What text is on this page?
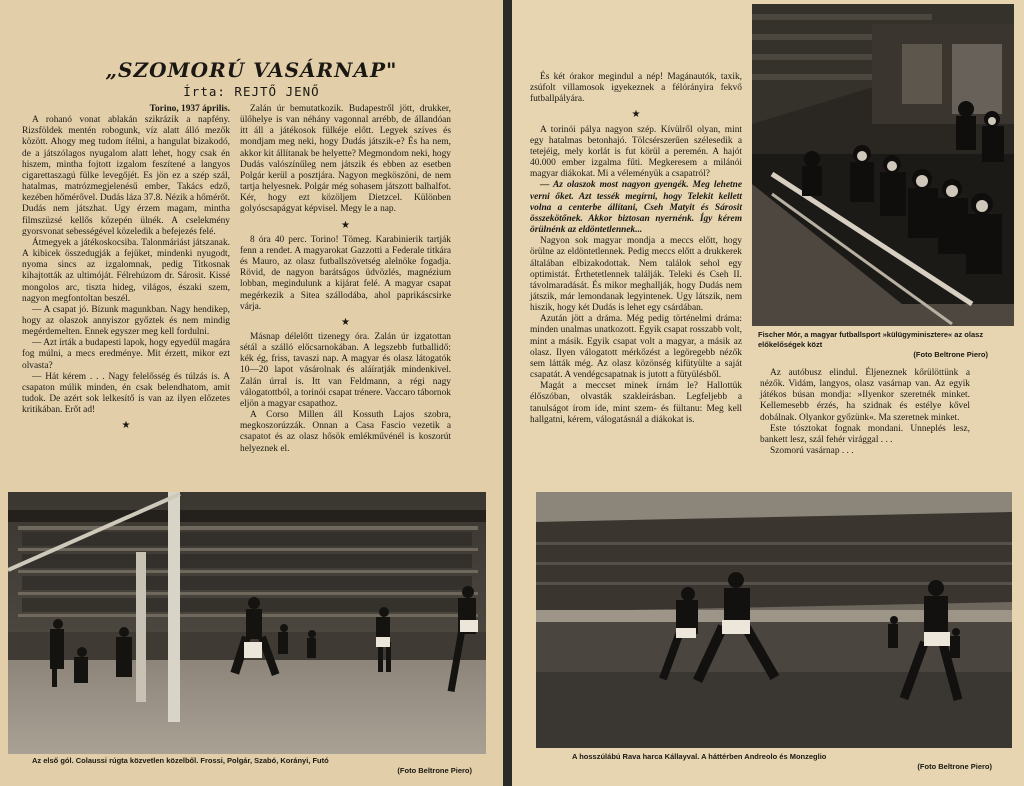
„SZOMORÚ VASÁRNAP"
Írta: REJTŐ JENŐ

Torino, 1937 április.

A rohanó vonat ablakán szikrázik a napfény. Rizsföldek mentén robogunk, víz alatt álló mezők között. Ahogy meg tudom ítélni, a hangulat bizakodó, de a játszólagos nyugalom alatt lehet, hogy csak én hiszem, mintha fojtott izgalom feszítené a langyos cigarettaszagú fülke levegőjét. Es jön ez a szép szál, hatalmas, matrózmegjelenésű ember, Takács edző, kezében hőmérővel. Dudás láza 37.8. Nézik a hőmérőt. Dudás nem játszhat. Ugy érzem magam, mintha filmszüzsé kellős közepén ülnék. A cselekmény gyorsvonat sebességével közeledik a befejezés felé.

Átmegyek a játékoskocsiba. Talonmáriást játszanak. A kibicek összedugják a fejüket, mindenki nyugodt, nyoma sincs az izgalomnak, pedig Titkosnak kihajtották az ultimóját. Félrehúzom dr. Sárosit. Kissé mongolos arc, tiszta hideg, világos, északi szem, nagyon megfontoltan beszél.

— A csapat jó. Bízunk magunkban. Nagy hendikep, hogy az olaszok annyiszor győztek és nem mindig megérdemelten. Ennek egyszer meg kell fordulni.

— Azt írták a budapesti lapok, hogy egyedül magára fog múlni, a mecs eredménye. Mit érzett, mikor ezt olvasta?

— Hát kérem . . . Nagy felelősség és túlzás is. A csapaton múlik minden, én csak belendhatom, amit tudok. De azért sok lelkesítő is van az ilyen előzetes kritikában. Erőt ad!

★

Zalán úr bemutatkozik. Budapestről jött, drukker, ülőhelye is van néhány vagonnal arrébb, de állandóan itt áll a játékosok fülkéje előtt. Legyek szíves és mondjam meg neki, hogy Dudás játszik-e? És ha nem, akkor kit állítanak be helyette? Megmondom neki, hogy Dudás valószínűleg nem játszik és ebben az esetben Polgár kerül a posztjára. Nagyon megköszöni, de nem tartja helyesnek. Polgár még sohasem játszott balhalfot. Kér, hogy ezt közöljem Dietzcel. Különben golyóscsapágyat képvisel. Megy le a nap.

★

8 óra 40 perc. Torino! Tömeg. Karabinierik tartják fenn a rendet. A magyarokat Gazzotti a Federale titkára és Mauro, az olasz futballszövetség alelnöke fogadja. Rövid, de nagyon barátságos üdvözlés, magnézium lobban, megindulunk a kijárat felé. A magyar csapat megérkezik a Sitea szállodába, ahol paprikáscsirke várja.

★

Másnap délelőtt tizenegy óra. Zalán úr izgatottan sétál a szálló előcsarnokában. A legszebb futballidő: kék ég, friss, tavaszi nap. A magyar és olasz látogatók 10—20 lapot vásárolnak és aláíratják mindenkivel. Zalán úrral is. Itt van Feldmann, a régi nagy válogatottból, a torinói csapat trénere. Vaccaro tábornok eljön a magyar csapathoz.

A Corso Millen áll Kossuth Lajos szobra, megkoszorúzzák. Onnan a Casa Fascio vezetik a csapatot és az olasz hősök emlékművénél is koszorút helyeznek el.

Az első gól. Colaussi rúgta közvetlen közelből. Frossi, Polgár, Szabó, Korányi, Futó
(Foto Beltrone Piero)

És két órakor megindul a nép! Magánautók, taxik, zsúfolt villamosok igyekeznek a félórányira fekvő futballpályára.

★

A torinói pálya nagyon szép. Kívülről olyan, mint egy hatalmas betonhajó. Tölcsérszerűen szélesedik a tetejéig, mely korlát is fut körül a peremén. A hajót 40.000 ember izgalma fűti. Megkeresem a milánói magyar diákokat. Mi a véleményük a csapatról?

— Az olaszok most nagyon gyengék. Meg lehetne verni őket. Azt tessék megírni, hogy Telekit kellett volna a centerbe állítani, Cseh Matyit és Sárosit összekötőnek. Akkor biztosan nyernénk. Így kérem örülnénk az eldöntetlennek...

Nagyon sok magyar mondja a meccs előtt, hogy örülne az eldöntetlennek. Pedig meccs előtt a drukkerek általában elbizakodottak. Nem találok sehol egy optimistát. Érthetetlennek találják. Teleki és Cseh II. távolmaradását. És mikor meghallják, hogy Dudás nem játszik, már lemondanak legyintenek. Ugy látszik, nem hiszik, hogy két Dudás is lehet egy csárdában.

Azután jött a dráma. Még pedig történelmi dráma: minden unalmas unatkozott. Egyik csapat rosszabb volt, mint a másik. Egyik csapat volt a magyar, a másik az olasz. Ilyen válogatott mérkőzést a legöregebb nézők sem látták még. Az olasz közönség kifütyülte a saját csapatát. A vendégcsapatnak is jutott a fütyülésből.

Magát a meccset minek írnám le? Hallottük élőszóban, olvasták szakleírásban. Legfeljebb a tanulságot írom ide, mint szem- és fültanu: Meg kell hallgatni, kérem, válogatásnál a diákokat is.

Fischer Mór, a magyar futballsport »külügyminisztere« az olasz előkelőségek közt
(Foto Beltrone Piero)

Az autóbusz elindul. Éljeneznek kőrülöttünk a nézők. Vidám, langyos, olasz vasárnap van. Az egyik játékos búsan mondja: »Ilyenkor szeretnék minket. Kellemesebb érzés, ha szidnak és estélye kővel dobálnak. Olyankor győzünk«. Ma szeretnek minket.

Este tósztokat fognak mondani. Unneplés lesz, bankett lesz, szál fehér virággal . . .

Szomorú vasárnap . . .

A hosszúlábú Rava harca Kállayval. A háttérben Andreolo és Monzeglio
(Foto Beltrone Piero)
